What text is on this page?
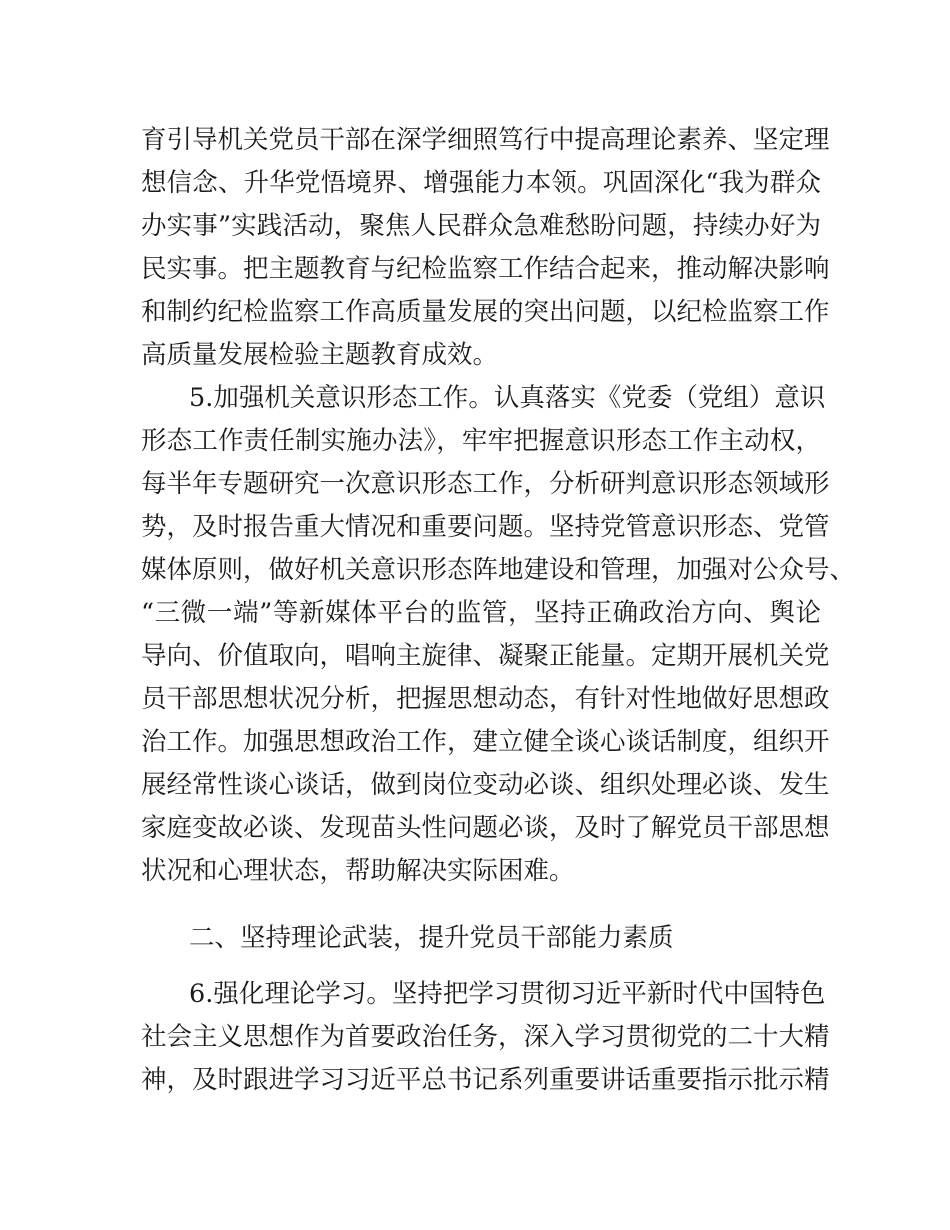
育引导机关党员干部在深学细照笃行中提高理论素养、坚定理
想信念、升华党悟境界、增强能力本领。巩固深化“我为群众
办实事”实践活动，聚焦人民群众急难愁盼问题，持续办好为
民实事。把主题教育与纪检监察工作结合起来，推动解决影响
和制约纪检监察工作高质量发展的突出问题，以纪检监察工作
高质量发展检验主题教育成效。
5.加强机关意识形态工作。认真落实《党委（党组）意识
形态工作责任制实施办法》，牢牢把握意识形态工作主动权，
每半年专题研究一次意识形态工作，分析研判意识形态领域形
势，及时报告重大情况和重要问题。坚持党管意识形态、党管
媒体原则，做好机关意识形态阵地建设和管理，加强对公众号、
“三微一端”等新媒体平台的监管，坚持正确政治方向、舆论
导向、价值取向，唱响主旋律、凝聚正能量。定期开展机关党
员干部思想状况分析，把握思想动态，有针对性地做好思想政
治工作。加强思想政治工作，建立健全谈心谈话制度，组织开
展经常性谈心谈话，做到岗位变动必谈、组织处理必谈、发生
家庭变故必谈、发现苗头性问题必谈，及时了解党员干部思想
状况和心理状态，帮助解决实际困难。
二、坚持理论武装，提升党员干部能力素质
6.强化理论学习。坚持把学习贯彻习近平新时代中国特色
社会主义思想作为首要政治任务，深入学习贯彻党的二十大精
神，及时跟进学习习近平总书记系列重要讲话重要指示批示精
